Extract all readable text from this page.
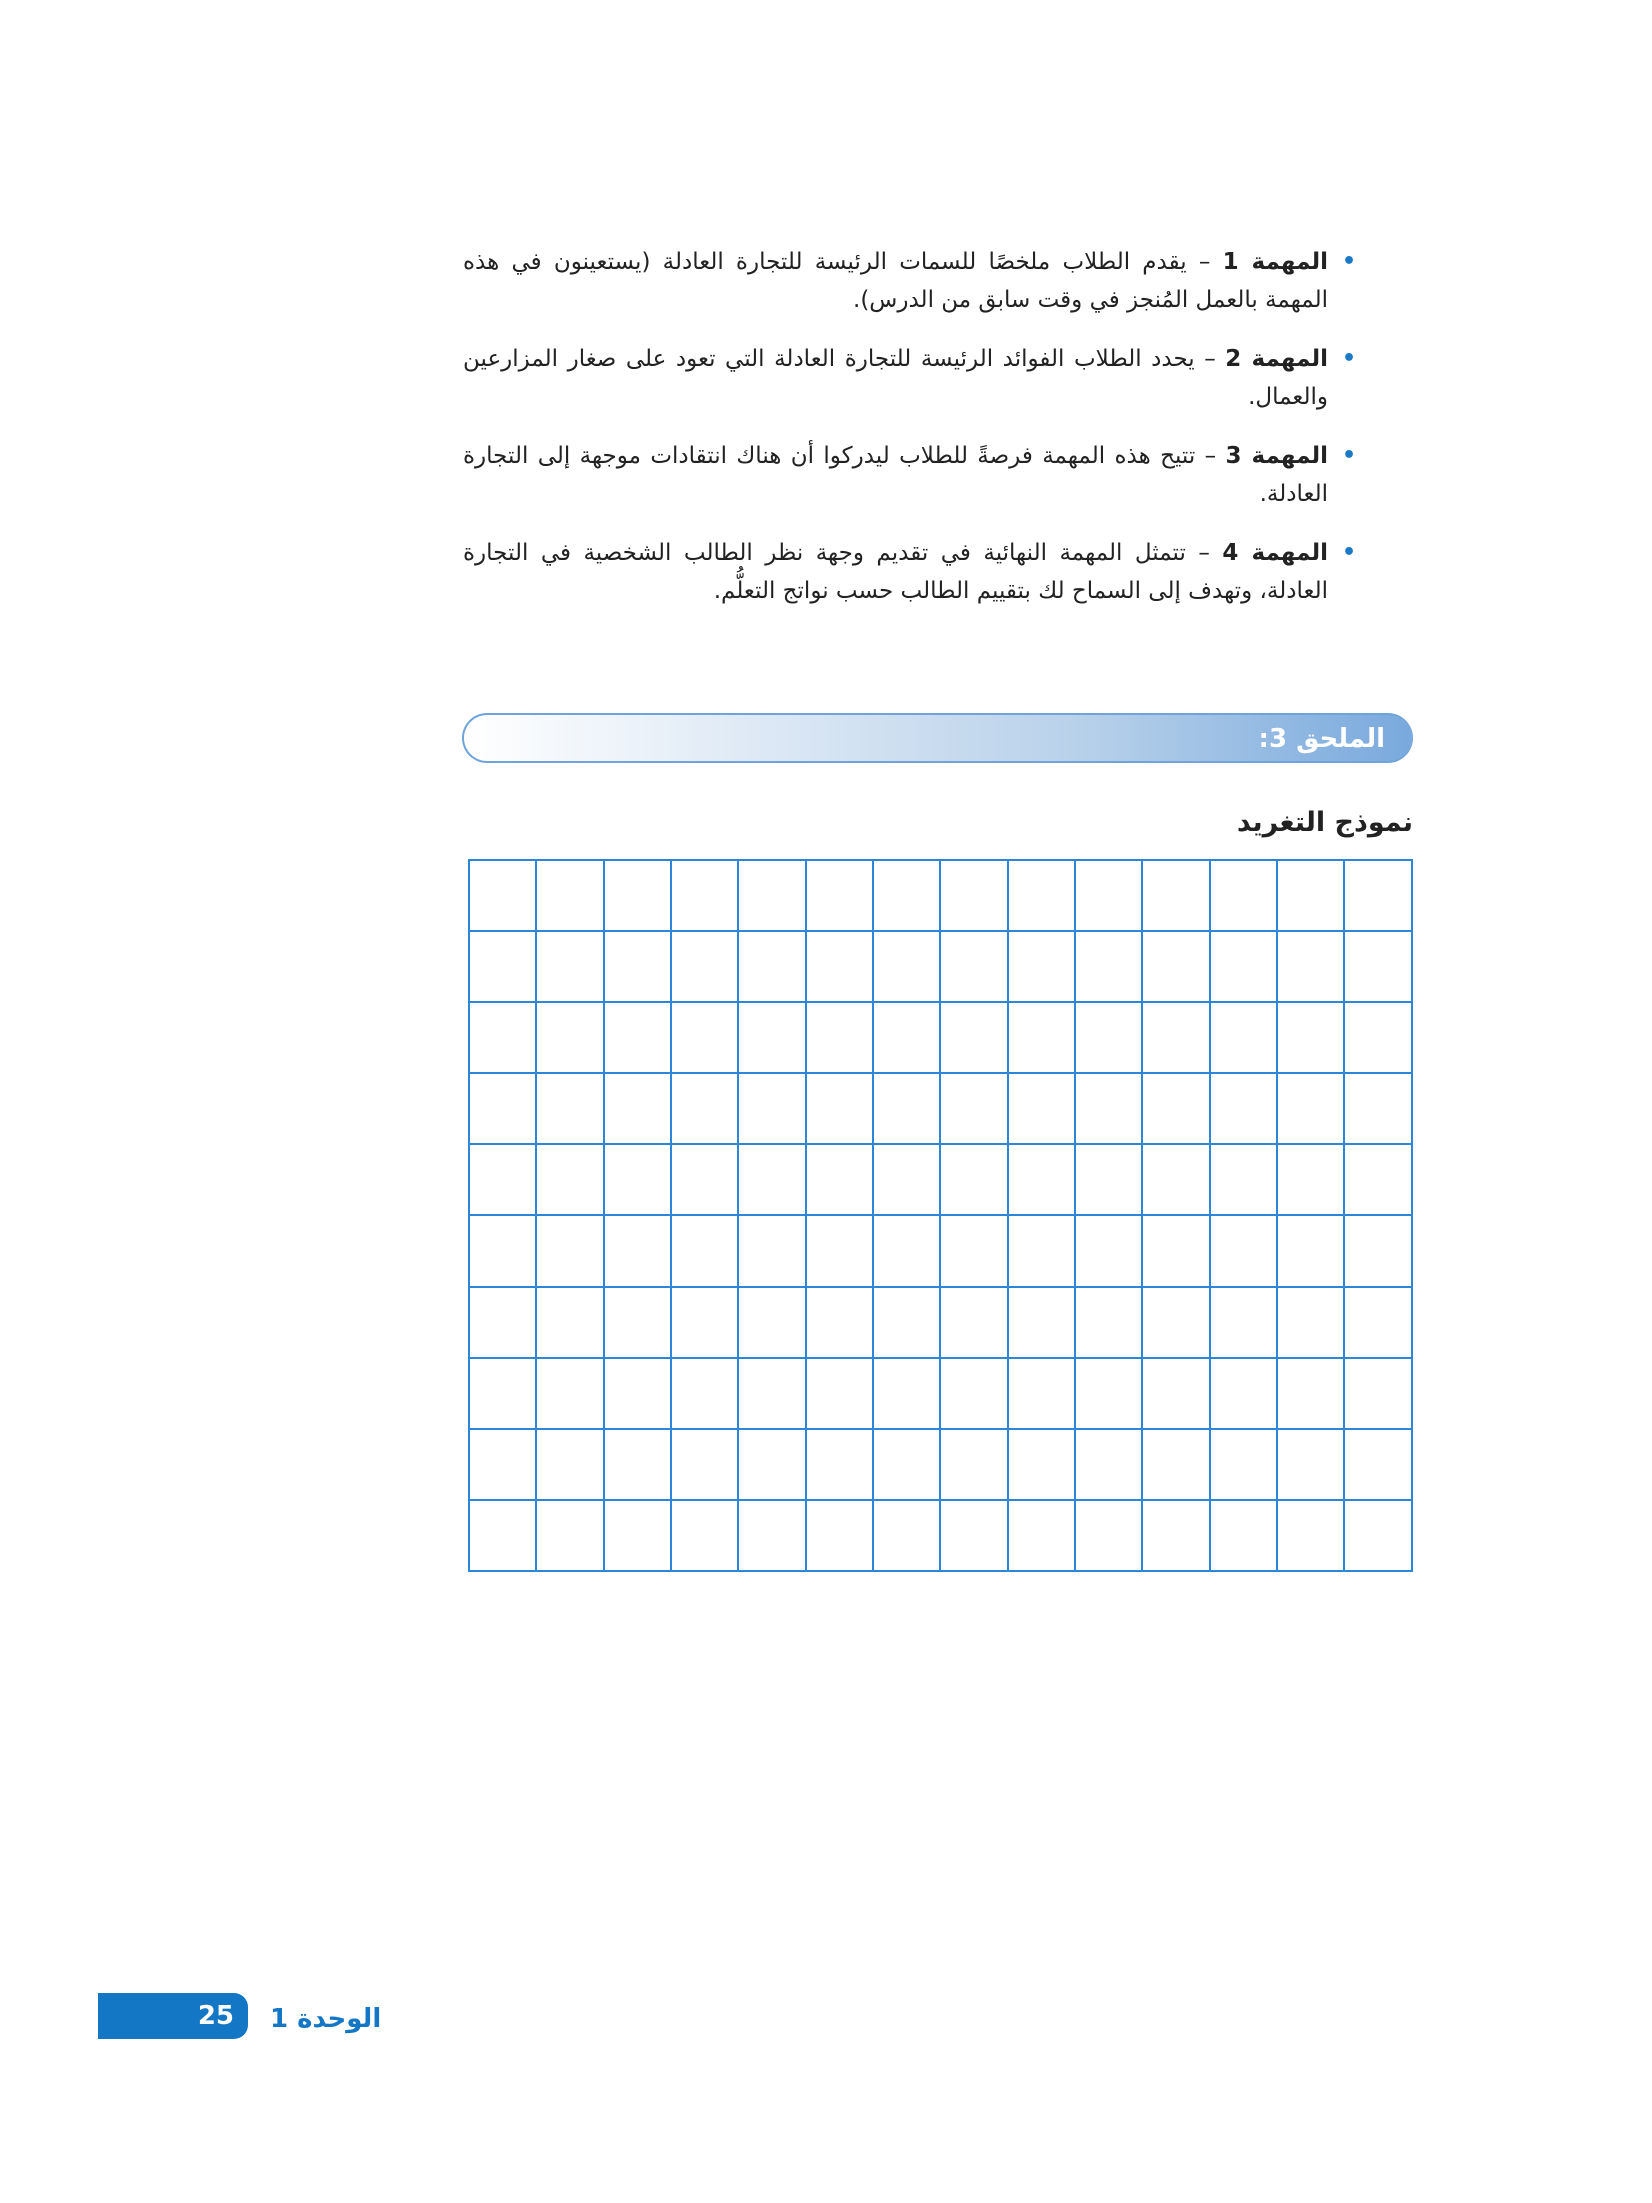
•
المهمة 1 – يقدم الطلاب ملخصًا للسمات الرئيسة للتجارة العادلة (يستعينون في هذه المهمة بالعمل المُنجز في وقت سابق من الدرس).
•
المهمة 2 – يحدد الطلاب الفوائد الرئيسة للتجارة العادلة التي تعود على صغار المزارعين والعمال.
•
المهمة 3 – تتيح هذه المهمة فرصةً للطلاب ليدركوا أن هناك انتقادات موجهة إلى التجارة العادلة.
•
المهمة 4 – تتمثل المهمة النهائية في تقديم وجهة نظر الطالب الشخصية في التجارة العادلة، وتهدف إلى السماح لك بتقييم الطالب حسب نواتج التعلُّم.
الملحق 3:
نموذج التغريد

25 الوحدة 1
